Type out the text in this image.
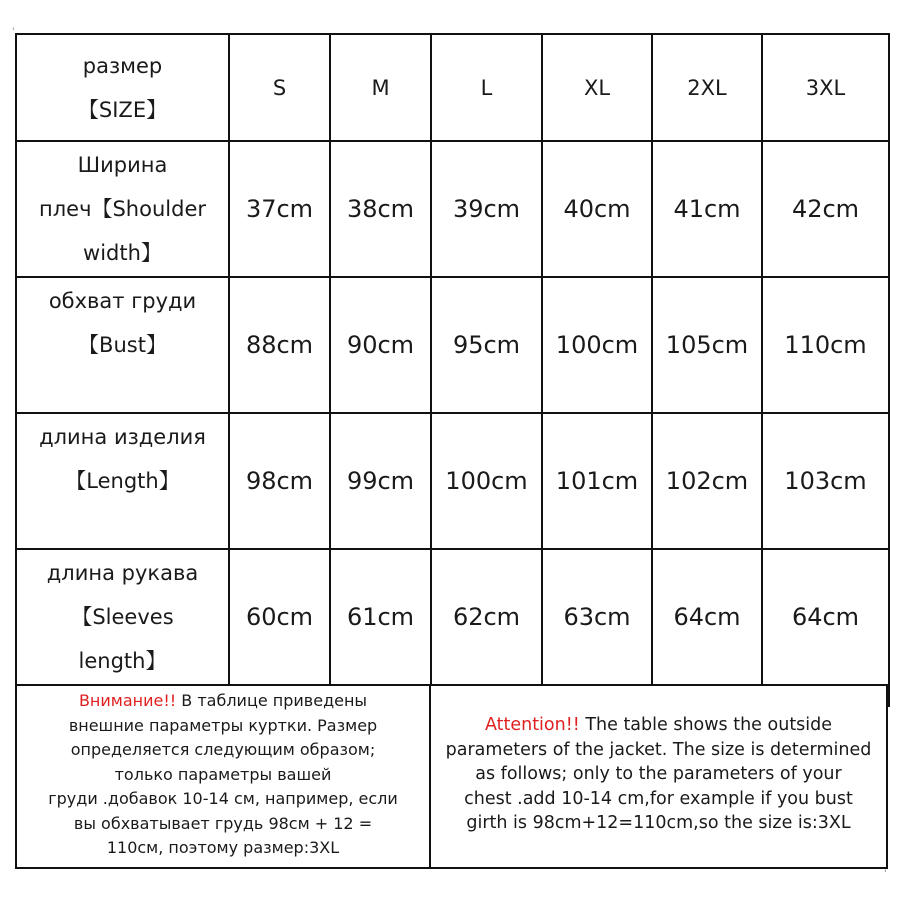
'
размер
【SIZE】	S	M	L	XL	2XL	3XL

Ширина
плеч【Shoulder
width】	37cm	38cm	39cm	40cm	41cm	42cm

обхват груди
【Bust】	88cm	90cm	95cm	100cm	105cm	110cm

длина изделия
【Length】	98cm	99cm	100cm	101cm	102cm	103cm

длина рукава
【Sleeves
length】	60cm	61cm	62cm	63cm	64cm	64cm
Внимание!! В таблице приведены
внешние параметры куртки. Размер
определяется следующим образом;
только параметры вашей
груди .добавок 10-14 см, например, если
вы обхватывает грудь 98см + 12 =
110см, поэтому размер:3XL
Attention!! The table shows the outside
parameters of the jacket. The size is determined
as follows; only to the parameters of your
chest .add 10-14 cm,for example if you bust
girth is 98cm+12=110cm,so the size is:3XL
'
